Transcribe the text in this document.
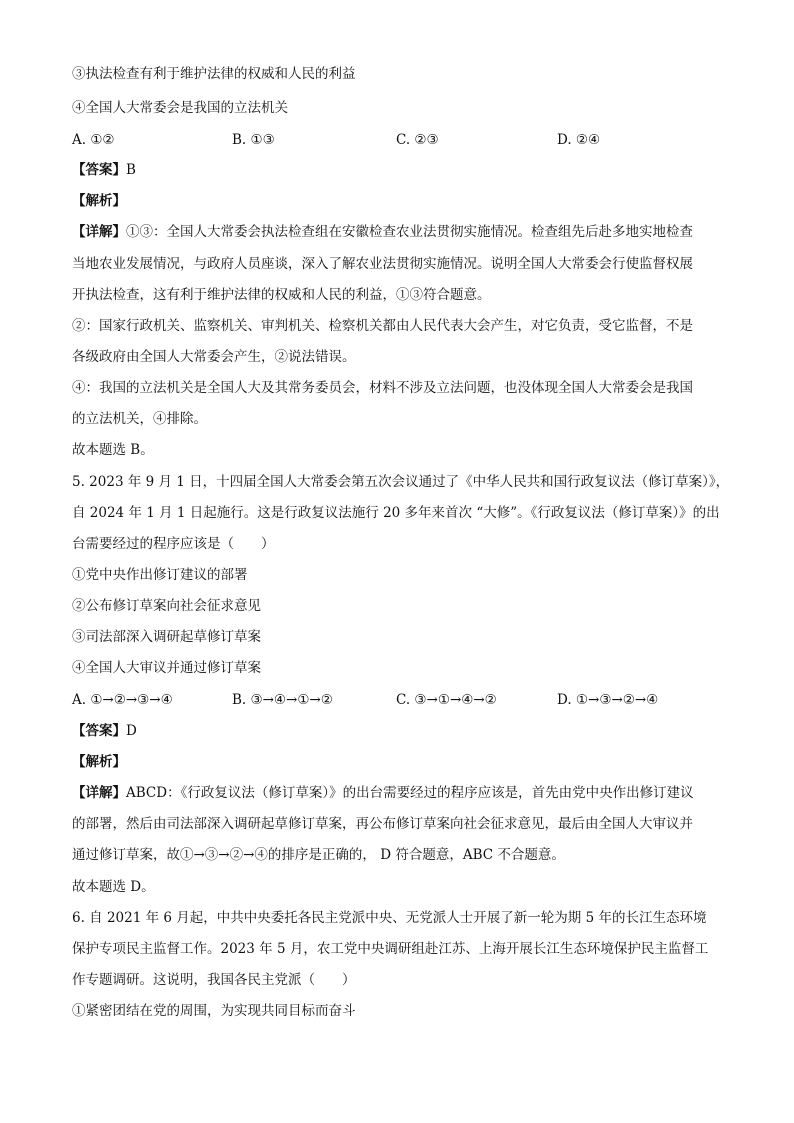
③执法检查有利于维护法律的权威和人民的利益
④全国人大常委会是我国的立法机关
A. ①②	B. ①③	C. ②③	D. ②④
【答案】B
【解析】
【详解】①③：全国人大常委会执法检查组在安徽检查农业法贯彻实施情况。检查组先后赴多地实地检查
当地农业发展情况，与政府人员座谈，深入了解农业法贯彻实施情况。说明全国人大常委会行使监督权展
开执法检查，这有利于维护法律的权威和人民的利益，①③符合题意。
②：国家行政机关、监察机关、审判机关、检察机关都由人民代表大会产生，对它负责，受它监督，不是
各级政府由全国人大常委会产生，②说法错误。
④：我国的立法机关是全国人大及其常务委员会，材料不涉及立法问题，也没体现全国人大常委会是我国
的立法机关，④排除。
故本题选 B。
5. 2023 年 9 月 1 日，十四届全国人大常委会第五次会议通过了《中华人民共和国行政复议法（修订草案）》，
自 2024 年 1 月 1 日起施行。这是行政复议法施行 20 多年来首次 “大修”。《行政复议法（修订草案）》的出
台需要经过的程序应该是（　　）
①党中央作出修订建议的部署
②公布修订草案向社会征求意见
③司法部深入调研起草修订草案
④全国人大审议并通过修订草案
A. ①→②→③→④	B. ③→④→①→②	C. ③→①→④→②	D. ①→③→②→④
【答案】D
【解析】
【详解】ABCD：《行政复议法（修订草案）》的出台需要经过的程序应该是，首先由党中央作出修订建议
的部署，然后由司法部深入调研起草修订草案，再公布修订草案向社会征求意见，最后由全国人大审议并
通过修订草案，故①→③→②→④的排序是正确的， D 符合题意，ABC 不合题意。
故本题选 D。
6. 自 2021 年 6 月起，中共中央委托各民主党派中央、无党派人士开展了新一轮为期 5 年的长江生态环境
保护专项民主监督工作。2023 年 5 月，农工党中央调研组赴江苏、上海开展长江生态环境保护民主监督工
作专题调研。这说明，我国各民主党派（　　）
①紧密团结在党的周围，为实现共同目标而奋斗
